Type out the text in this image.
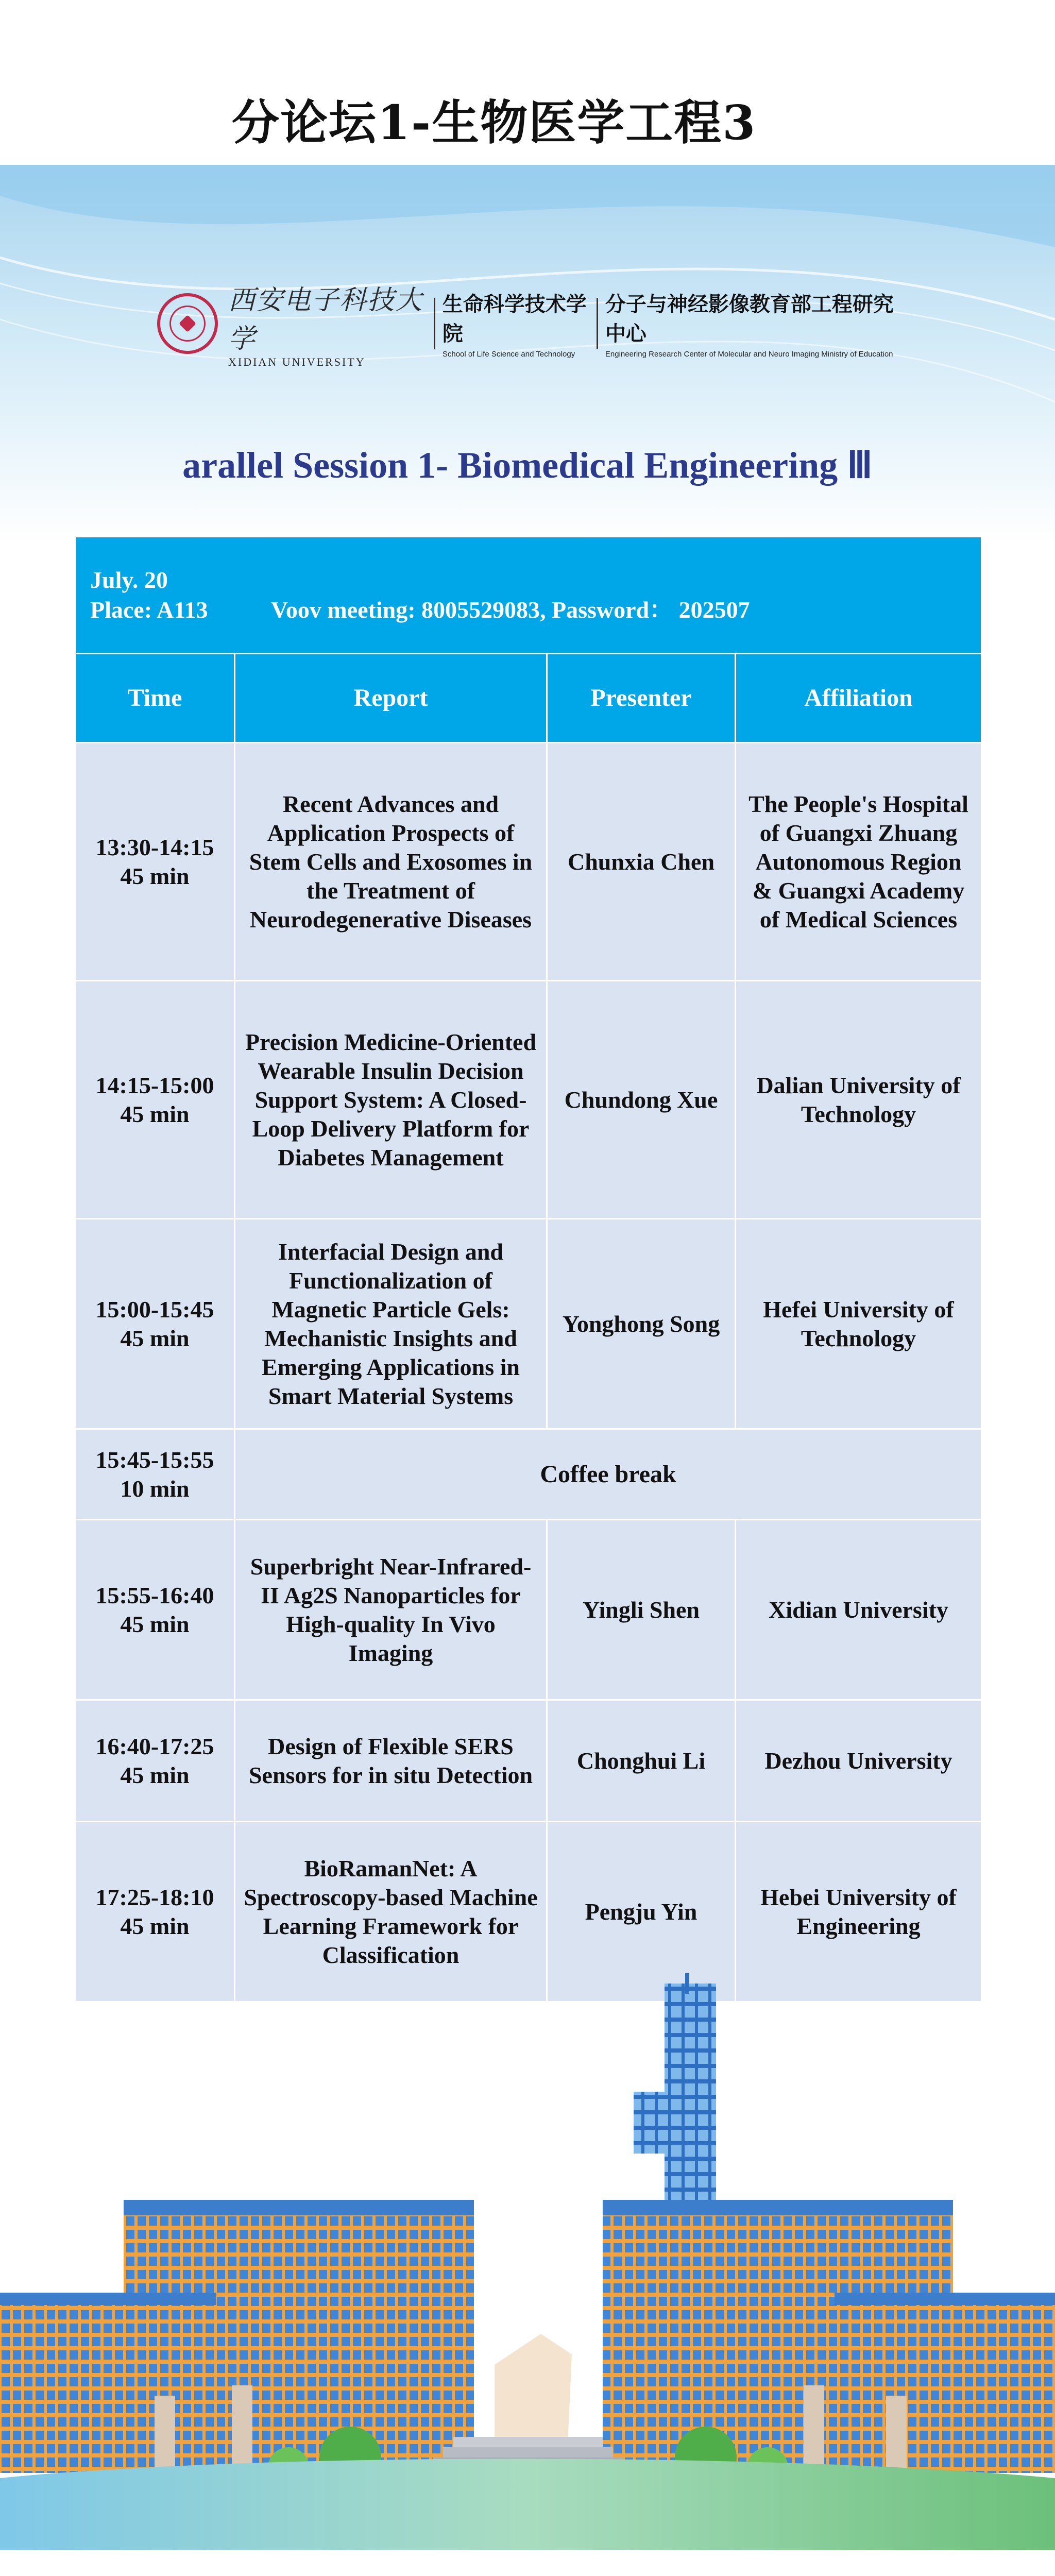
分论坛1-生物医学工程3
西安电子科技大学
XIDIAN UNIVERSITY
生命科学技术学院
School of Life Science and Technology
分子与神经影像教育部工程研究中心
Engineering Research Center of Molecular and Neuro Imaging Ministry of Education
arallel Session 1- Biomedical Engineering Ⅲ
July. 20
Place: A113 Voov meeting: 8005529083, Password： 202507			

Time	Report	Presenter	Affiliation

13:30-14:15
45 min	Recent Advances and Application Prospects of Stem Cells and Exosomes in the Treatment of Neurodegenerative Diseases	Chunxia Chen	The People's Hospital of Guangxi Zhuang Autonomous Region & Guangxi Academy of Medical Sciences

14:15-15:00
45 min	Precision Medicine-Oriented Wearable Insulin Decision Support System: A Closed-Loop Delivery Platform for Diabetes Management	Chundong Xue	Dalian University of Technology

15:00-15:45
45 min	Interfacial Design and Functionalization of Magnetic Particle Gels: Mechanistic Insights and Emerging Applications in Smart Material Systems	Yonghong Song	Hefei University of Technology

15:45-15:55
10 min	Coffee break		

15:55-16:40
45 min	Superbright Near-Infrared-II Ag2S Nanoparticles for High-quality In Vivo Imaging	Yingli Shen	Xidian University

16:40-17:25
45 min	Design of Flexible SERS Sensors for in situ Detection	Chonghui Li	Dezhou University

17:25-18:10
45 min	BioRamanNet: A Spectroscopy-based Machine Learning Framework for Classification	Pengju Yin	Hebei University of Engineering
